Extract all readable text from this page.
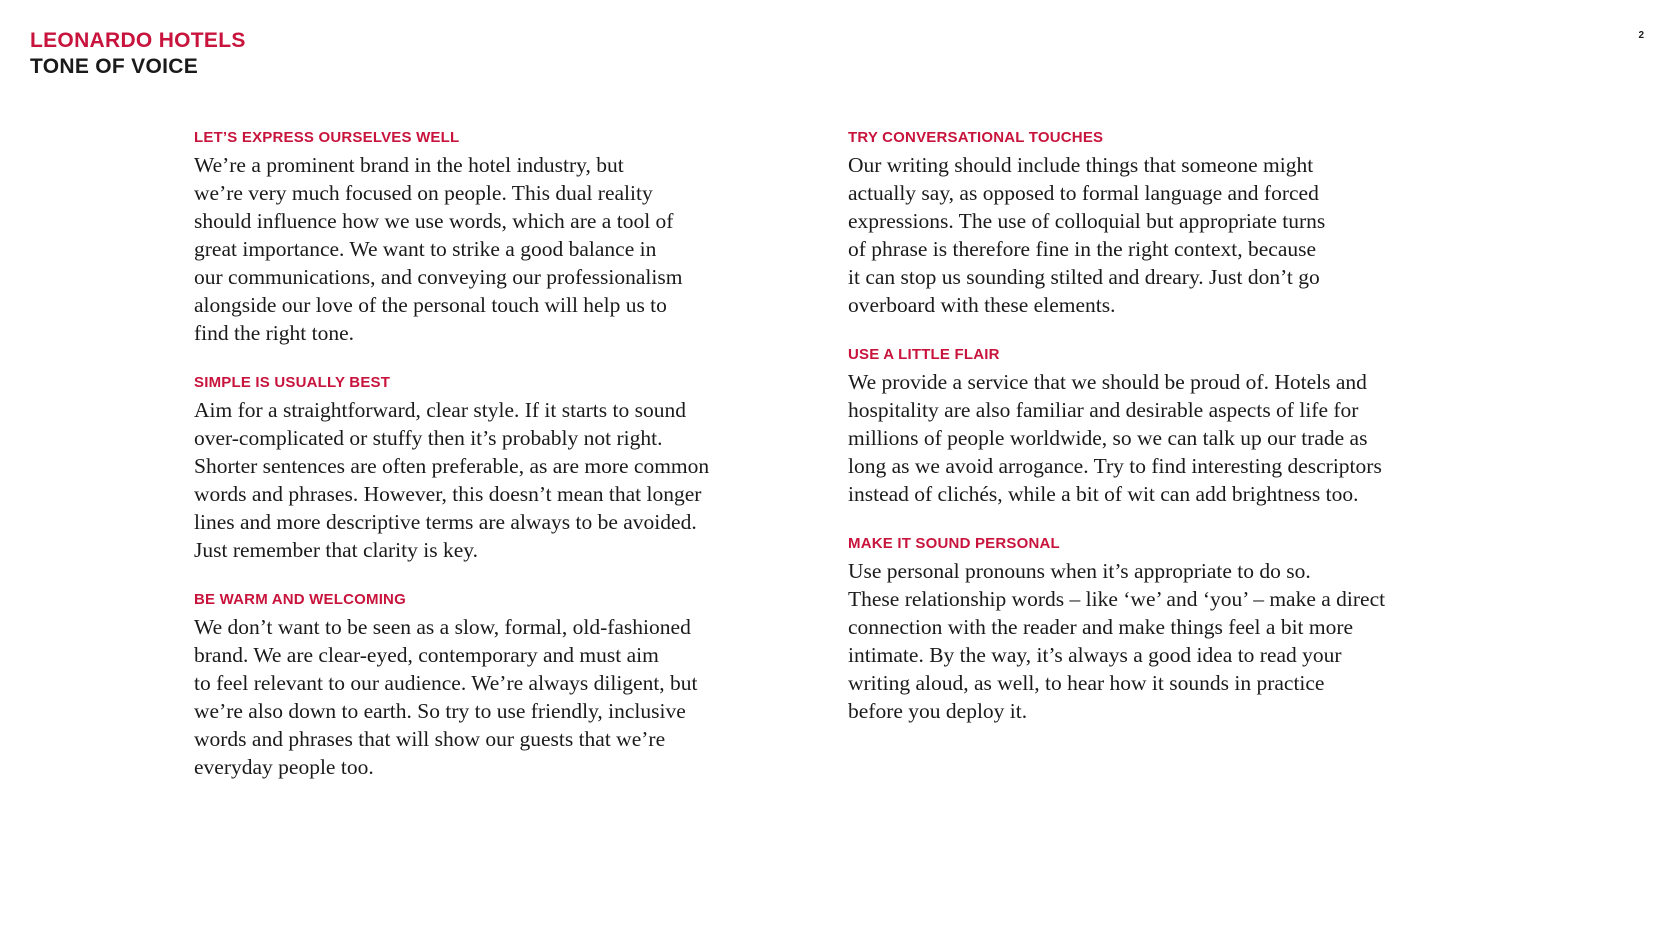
LEONARDO HOTELS
TONE OF VOICE
2
LET’S EXPRESS OURSELVES WELL

We’re a prominent brand in the hotel industry, but
we’re very much focused on people. This dual reality
should influence how we use words, which are a tool of
great importance. We want to strike a good balance in
our communications, and conveying our professionalism
alongside our love of the personal touch will help us to
find the right tone.

SIMPLE IS USUALLY BEST

Aim for a straightforward, clear style. If it starts to sound
over-complicated or stuffy then it’s probably not right.
Shorter sentences are often preferable, as are more common
words and phrases. However, this doesn’t mean that longer
lines and more descriptive terms are always to be avoided.
Just remember that clarity is key.

BE WARM AND WELCOMING

We don’t want to be seen as a slow, formal, old-fashioned
brand. We are clear-eyed, contemporary and must aim
to feel relevant to our audience. We’re always diligent, but
we’re also down to earth. So try to use friendly, inclusive
words and phrases that will show our guests that we’re
everyday people too.

TRY CONVERSATIONAL TOUCHES

Our writing should include things that someone might
actually say, as opposed to formal language and forced
expressions. The use of colloquial but appropriate turns
of phrase is therefore fine in the right context, because
it can stop us sounding stilted and dreary. Just don’t go
overboard with these elements.

USE A LITTLE FLAIR

We provide a service that we should be proud of. Hotels and
hospitality are also familiar and desirable aspects of life for
millions of people worldwide, so we can talk up our trade as
long as we avoid arrogance. Try to find interesting descriptors
instead of clichés, while a bit of wit can add brightness too.

MAKE IT SOUND PERSONAL

Use personal pronouns when it’s appropriate to do so.
These relationship words – like ‘we’ and ‘you’ – make a direct
connection with the reader and make things feel a bit more
intimate. By the way, it’s always a good idea to read your
writing aloud, as well, to hear how it sounds in practice
before you deploy it.
